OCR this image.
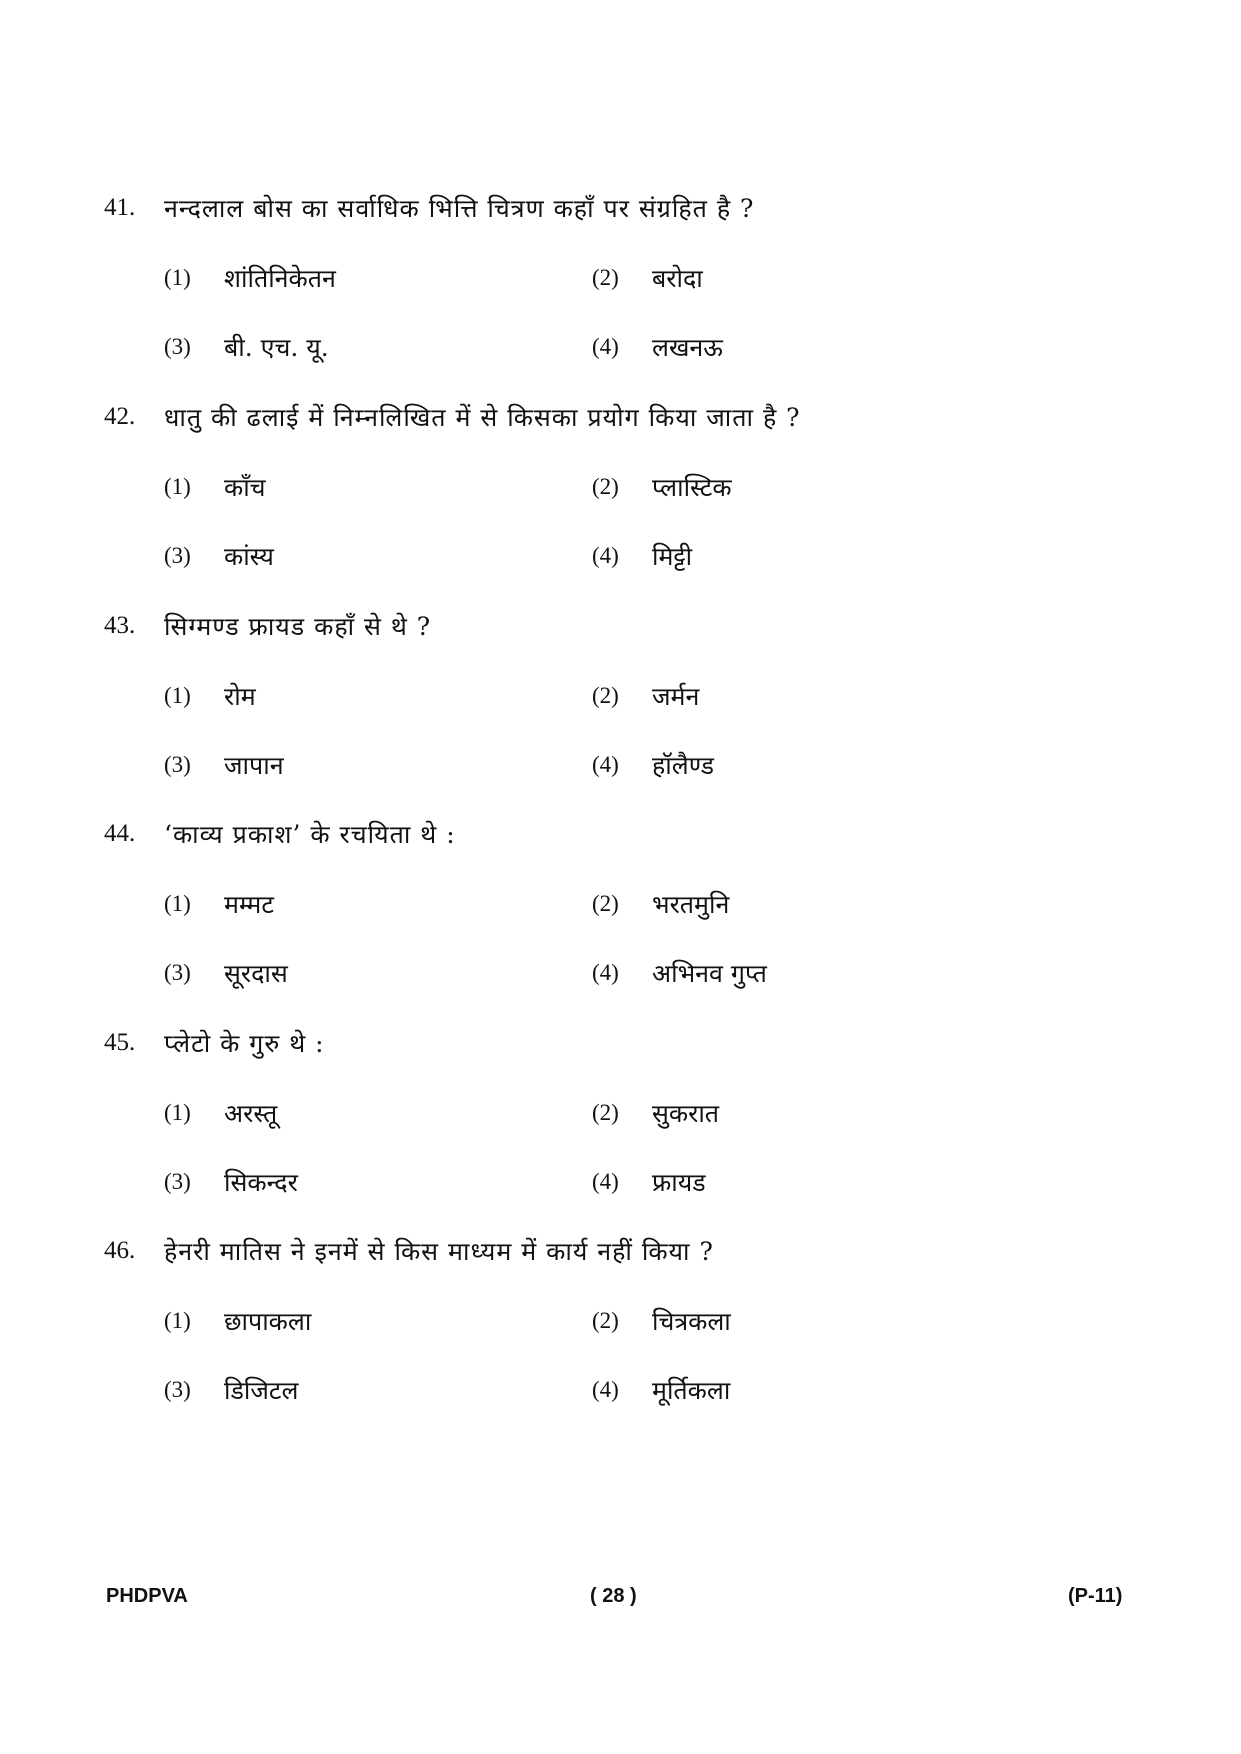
41.	नन्दलाल बोस का सर्वाधिक भित्ति चित्रण कहाँ पर संग्रहित है ?
(1)	शांतिनिकेतन	(2)	बरोदा
(3)	बी. एच. यू.	(4)	लखनऊ
42.	धातु की ढलाई में निम्नलिखित में से किसका प्रयोग किया जाता है ?
(1)	काँच	(2)	प्लास्टिक
(3)	कांस्य	(4)	मिट्टी
43.	सिग्मण्ड फ्रायड कहाँ से थे ?
(1)	रोम	(2)	जर्मन
(3)	जापान	(4)	हॉलैण्ड
44.	‘काव्य प्रकाश’ के रचयिता थे :
(1)	मम्मट	(2)	भरतमुनि
(3)	सूरदास	(4)	अभिनव गुप्त
45.	प्लेटो के गुरु थे :
(1)	अरस्तू	(2)	सुकरात
(3)	सिकन्दर	(4)	फ्रायड
46.	हेनरी मातिस ने इनमें से किस माध्यम में कार्य नहीं किया ?
(1)	छापाकला	(2)	चित्रकला
(3)	डिजिटल	(4)	मूर्तिकला
PHDPVA	( 28 )	(P-11)
